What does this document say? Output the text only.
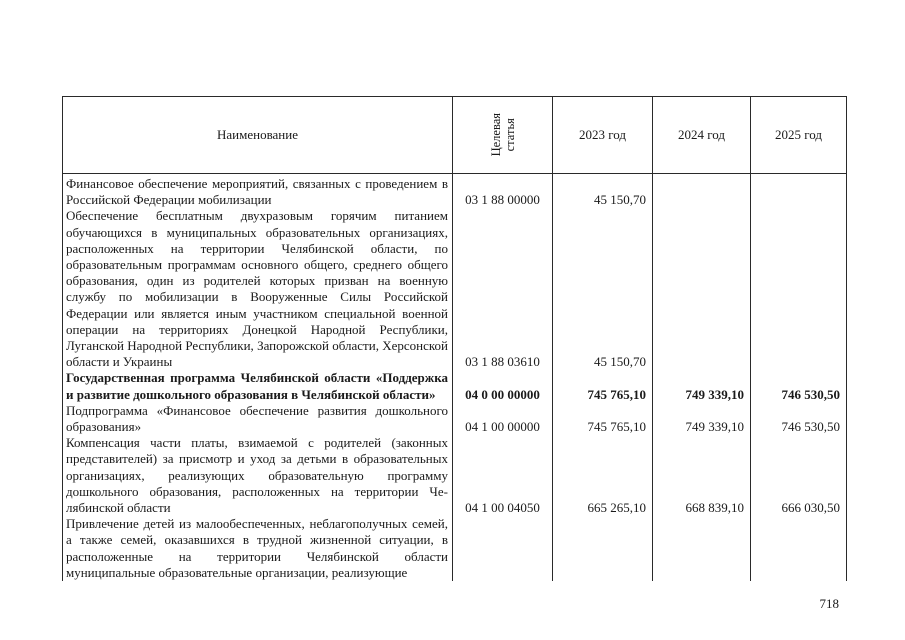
Наименование	Целевая статья	2023 год	2024 год	2025 год
Финансовое обеспечение мероприятий, связанных с проведением в Российской Федерации мобилизации	03 1 88 00000	45 150,70		
Обеспечение бесплатным двухразовым горячим питанием обучающихся в муниципальных образовательных организациях, расположенных на территории Челябинской области, по образовательным программам основного общего, среднего общего образования, один из родителей которых призван на военную службу по мобилизации в Вооруженные Силы Российской Федерации или является иным участником специальной военной операции на территориях Донецкой Народной Республики, Луганской Народной Республики, Запорожской области, Херсонской области и Украины	03 1 88 03610	45 150,70		
Государственная программа Челябинской области «Поддержка и развитие дошкольного образования в Челябинской области»	04 0 00 00000	745 765,10	749 339,10	746 530,50
Подпрограмма «Финансовое обеспечение развития дошкольного образования»	04 1 00 00000	745 765,10	749 339,10	746 530,50
Компенсация части платы, взимаемой с родителей (законных представителей) за присмотр и уход за детьми в образовательных организациях, реализующих образовательную программу дошкольного образования, расположенных на территории Челябинской области	04 1 00 04050	665 265,10	668 839,10	666 030,50
Привлечение детей из малообеспеченных, неблагополучных семей, а также семей, оказавшихся в трудной жизненной ситуации, в расположенные на территории Челябинской области муниципальные образовательные организации, реализующие				
718
